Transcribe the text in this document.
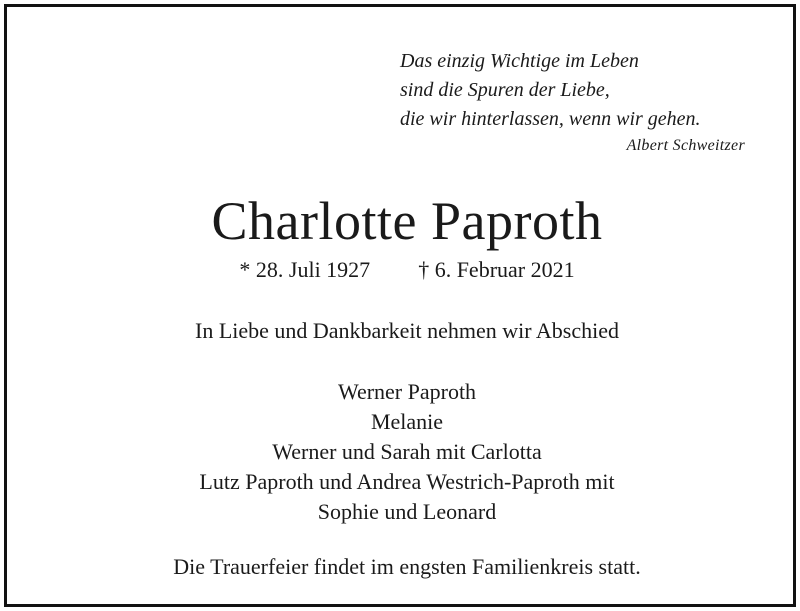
Das einzig Wichtige im Leben
sind die Spuren der Liebe,
die wir hinterlassen, wenn wir gehen.
Albert Schweitzer
Charlotte Paproth
* 28. Juli 1927 † 6. Februar 2021
In Liebe und Dankbarkeit nehmen wir Abschied
Werner Paproth
Melanie
Werner und Sarah mit Carlotta
Lutz Paproth und Andrea Westrich-Paproth mit
Sophie und Leonard
Die Trauerfeier findet im engsten Familienkreis statt.
